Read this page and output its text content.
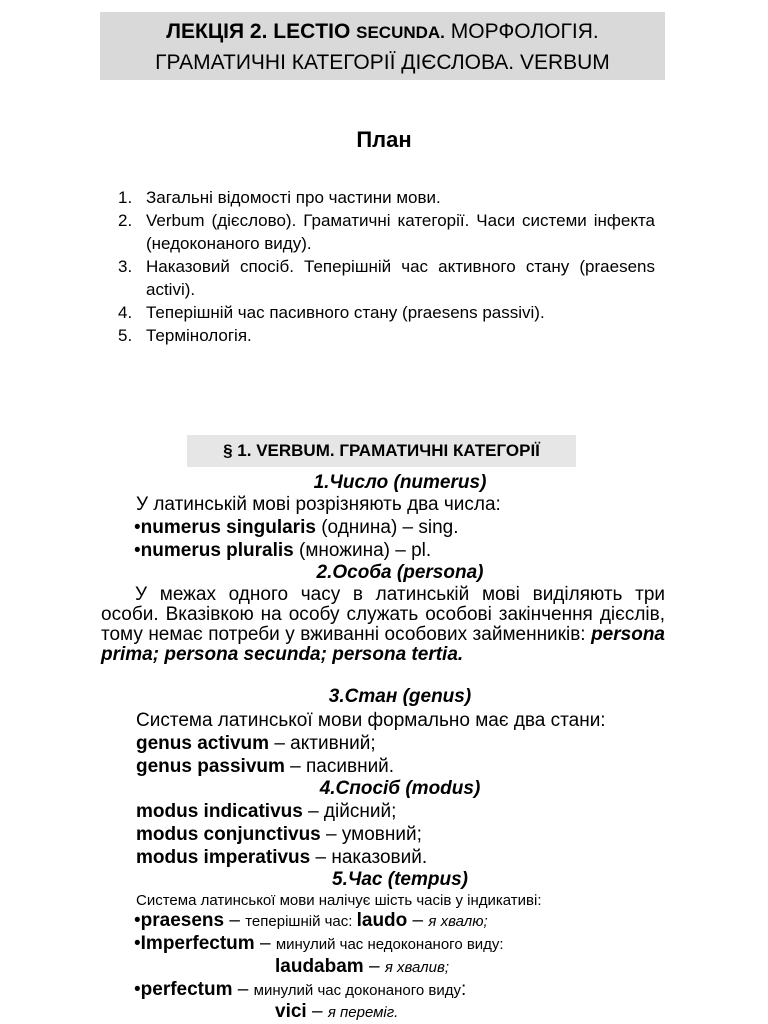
ЛЕКЦІЯ 2. LECTIO SECUNDA. МОРФОЛОГІЯ.
ГРАМАТИЧНІ КАТЕГОРІЇ ДІЄСЛОВА. VERBUM
План
1. Загальні відомості про частини мови.
2. Verbum (дієслово). Граматичні категорії. Часи системи інфекта (недоконаного виду).
3. Наказовий спосіб. Теперішній час активного стану (praesens activi).
4. Теперішній час пасивного стану (praesens passivi).
5. Термінологія.
§ 1. VERBUM. ГРАМАТИЧНІ КАТЕГОРІЇ
1.Число (numerus)
У латинській мові розрізняють два числа:
•numerus singularis (однина) – sing.
•numerus pluralis (множина) – pl.
2.Особа (persona)
У межах одного часу в латинській мові виділяють три особи. Вказівкою на особу служать особові закінчення дієслів, тому немає потреби у вживанні особових займенників: persona prima; persona secunda; persona tertia.
3.Стан (genus)
Система латинської мови формально має два стани:
genus activum – активний;
genus passivum – пасивний.
4.Спосіб (modus)
modus indicativus – дійсний;
modus conjunctivus – умовний;
modus imperativus – наказовий.
5.Час (tempus)
Система латинської мови налічує шість часів у індикативі:
•praesens – теперішній час: laudo – я хвалю;
•Imperfectum – минулий час недоконаного виду:
laudabam – я хвалив;
•perfectum – минулий час доконаного виду:
vici – я переміг.
